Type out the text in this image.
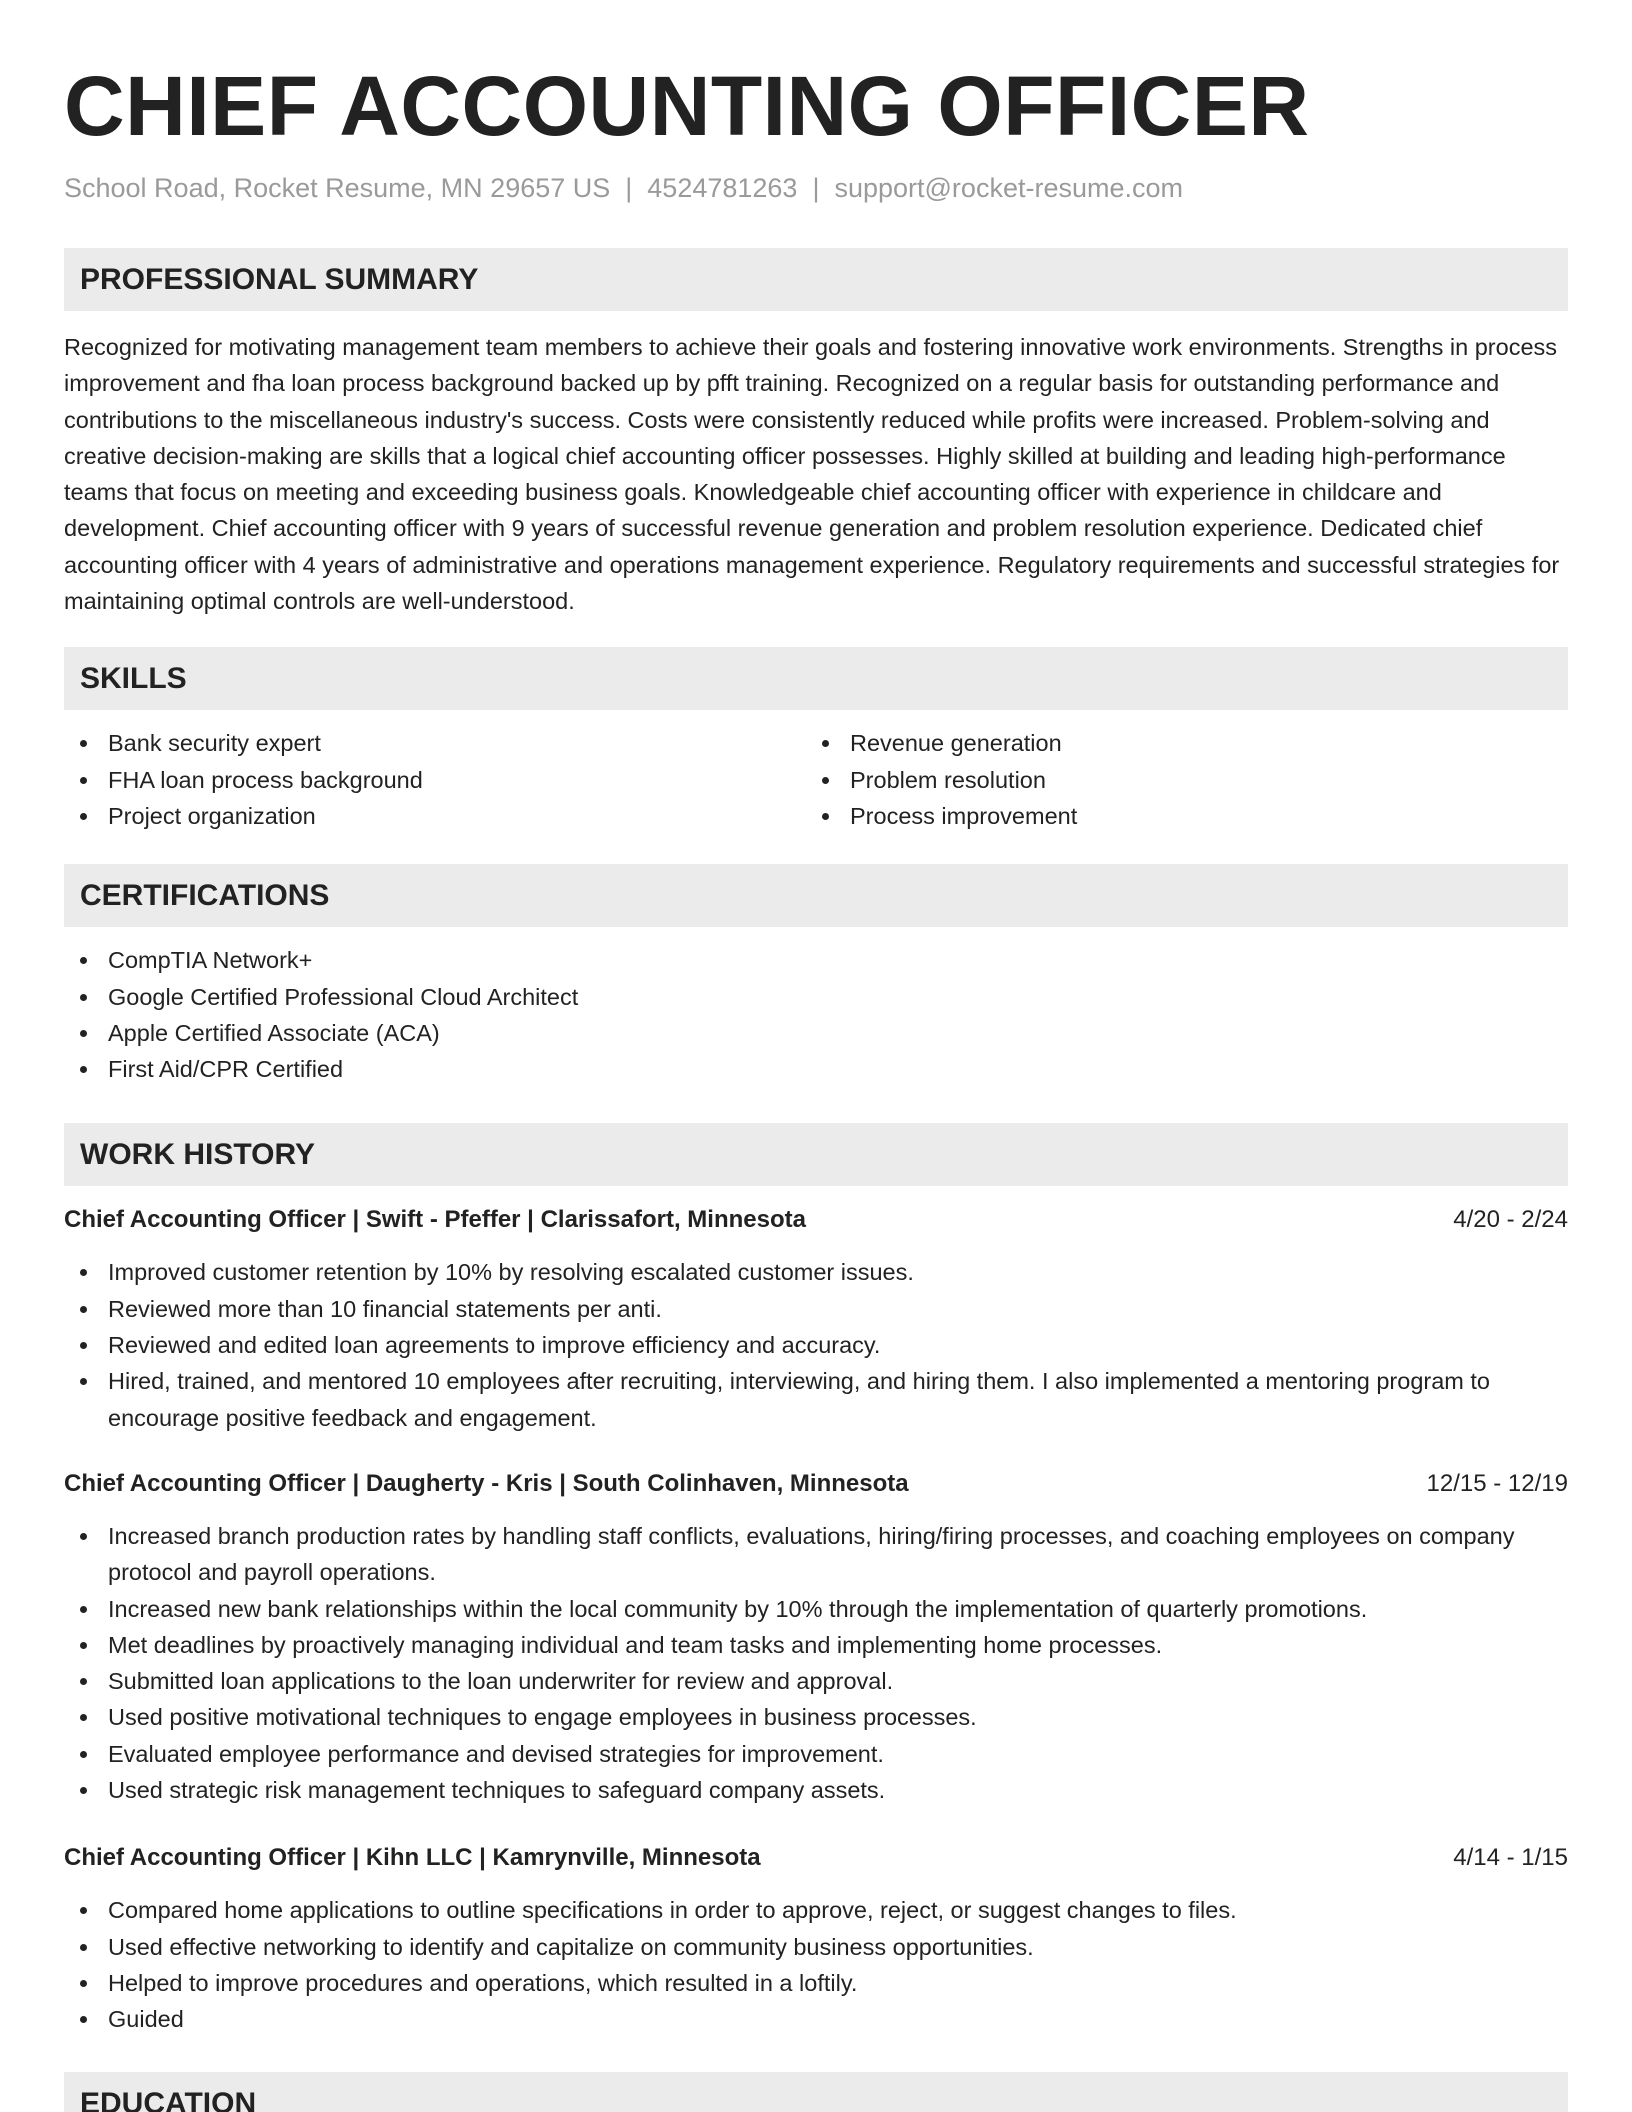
CHIEF ACCOUNTING OFFICER
School Road, Rocket Resume, MN 29657 US | 4524781263 | support@rocket-resume.com
PROFESSIONAL SUMMARY

Recognized for motivating management team members to achieve their goals and fostering innovative work environments. Strengths in process improvement and fha loan process background backed up by pfft training. Recognized on a regular basis for outstanding performance and contributions to the miscellaneous industry's success. Costs were consistently reduced while profits were increased. Problem-solving and creative decision-making are skills that a logical chief accounting officer possesses. Highly skilled at building and leading high-performance teams that focus on meeting and exceeding business goals. Knowledgeable chief accounting officer with experience in childcare and development. Chief accounting officer with 9 years of successful revenue generation and problem resolution experience. Dedicated chief accounting officer with 4 years of administrative and operations management experience. Regulatory requirements and successful strategies for maintaining optimal controls are well-understood.

SKILLS
Bank security expert
FHA loan process background
Project organization
Revenue generation
Problem resolution
Process improvement
CERTIFICATIONS
CompTIA Network+
Google Certified Professional Cloud Architect
Apple Certified Associate (ACA)
First Aid/CPR Certified
WORK HISTORY
Chief Accounting Officer | Swift - Pfeffer | Clarissafort, Minnesota	4/20 - 2/24
Improved customer retention by 10% by resolving escalated customer issues.
Reviewed more than 10 financial statements per anti.
Reviewed and edited loan agreements to improve efficiency and accuracy.
Hired, trained, and mentored 10 employees after recruiting, interviewing, and hiring them. I also implemented a mentoring program to encourage positive feedback and engagement.
Chief Accounting Officer | Daugherty - Kris | South Colinhaven, Minnesota	12/15 - 12/19
Increased branch production rates by handling staff conflicts, evaluations, hiring/firing processes, and coaching employees on company protocol and payroll operations.
Increased new bank relationships within the local community by 10% through the implementation of quarterly promotions.
Met deadlines by proactively managing individual and team tasks and implementing home processes.
Submitted loan applications to the loan underwriter for review and approval.
Used positive motivational techniques to engage employees in business processes.
Evaluated employee performance and devised strategies for improvement.
Used strategic risk management techniques to safeguard company assets.
Chief Accounting Officer | Kihn LLC | Kamrynville, Minnesota	4/14 - 1/15
Compared home applications to outline specifications in order to approve, reject, or suggest changes to files.
Used effective networking to identify and capitalize on community business opportunities.
Helped to improve procedures and operations, which resulted in a loftily.
Guided
EDUCATION
